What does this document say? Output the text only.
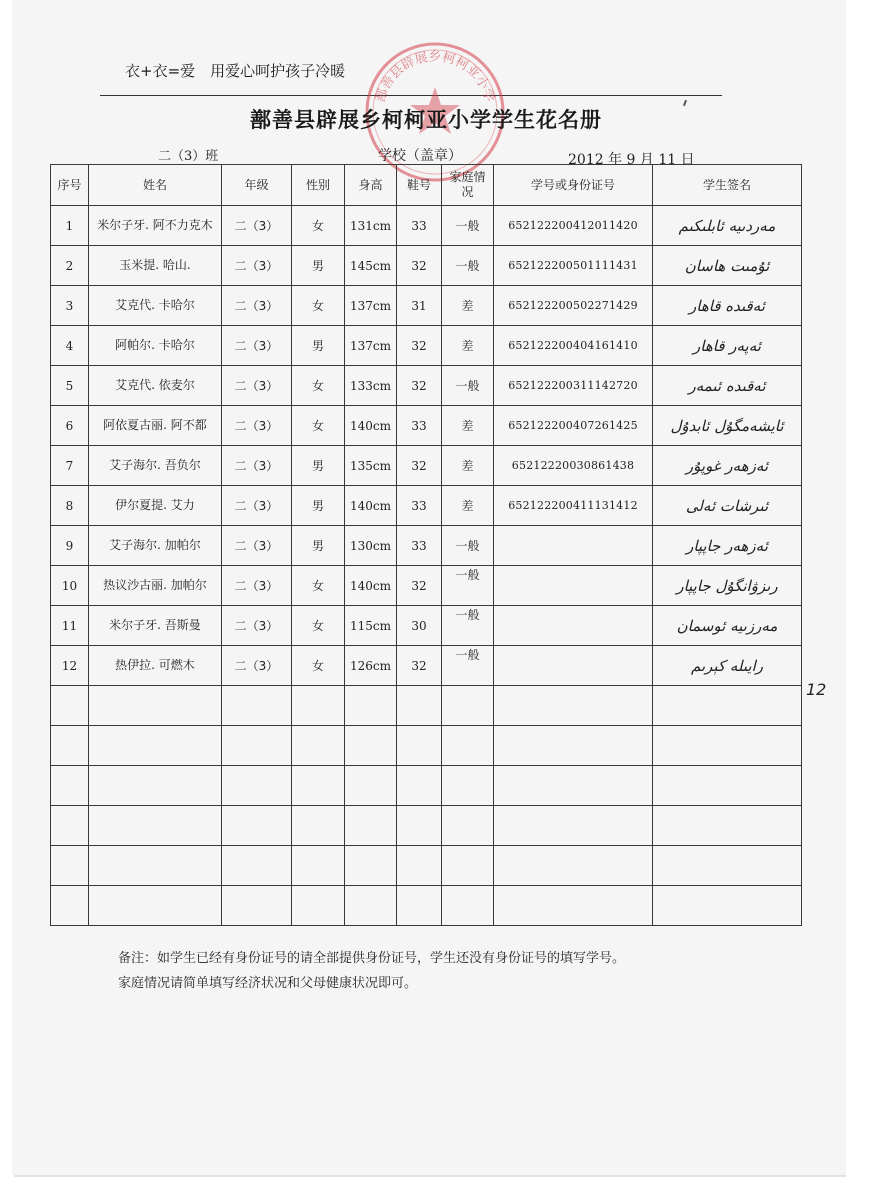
衣+衣=爱　用爱心呵护孩子冷暖
鄯善县辟展乡柯柯亚小学
鄯善县辟展乡柯柯亚小学学生花名册
二（3）班	学校（盖章）	2012 年 9 月 11 日
序号	姓名	年级	性别	身高	鞋号	家庭情况	学号或身份证号	学生签名
1	米尔子牙. 阿不力克木	二（3）	女	131cm	33	一般	652122200412011420	مەردىيە ئابلىكىم
2	玉米提. 哈山.	二（3）	男	145cm	32	一般	652122200501111431	ئۇمىت ھاسان
3	艾克代. 卡哈尔	二（3）	女	137cm	31	差	652122200502271429	ئەقىدە قاھار
4	阿帕尔. 卡哈尔	二（3）	男	137cm	32	差	652122200404161410	ئەپەر قاھار
5	艾克代. 依麦尔	二（3）	女	133cm	32	一般	652122200311142720	ئەقىدە ئىمەر
6	阿依夏古丽. 阿不都	二（3）	女	140cm	33	差	652122200407261425	ئايشەمگۇل ئابدۇل
7	艾子海尔. 吾负尔	二（3）	男	135cm	32	差	65212220030861438	ئەزھەر غوپۇر
8	伊尔夏提. 艾力	二（3）	男	140cm	33	差	652122200411131412	ئىرشات ئەلى
9	艾子海尔. 加帕尔	二（3）	男	130cm	33	一般		ئەزھەر جاپپار
10	热议沙古丽. 加帕尔	二（3）	女	140cm	32	一般		رىزۋانگۇل جاپپار
11	米尔子牙. 吾斯曼	二（3）	女	115cm	30	一般		مەرزىيە ئوسمان
12	热伊拉. 可燃木	二（3）	女	126cm	32	一般		رايىلە كېرىم

12
备注：如学生已经有身份证号的请全部提供身份证号，学生还没有身份证号的填写学号。
家庭情况请简单填写经济状况和父母健康状况即可。
